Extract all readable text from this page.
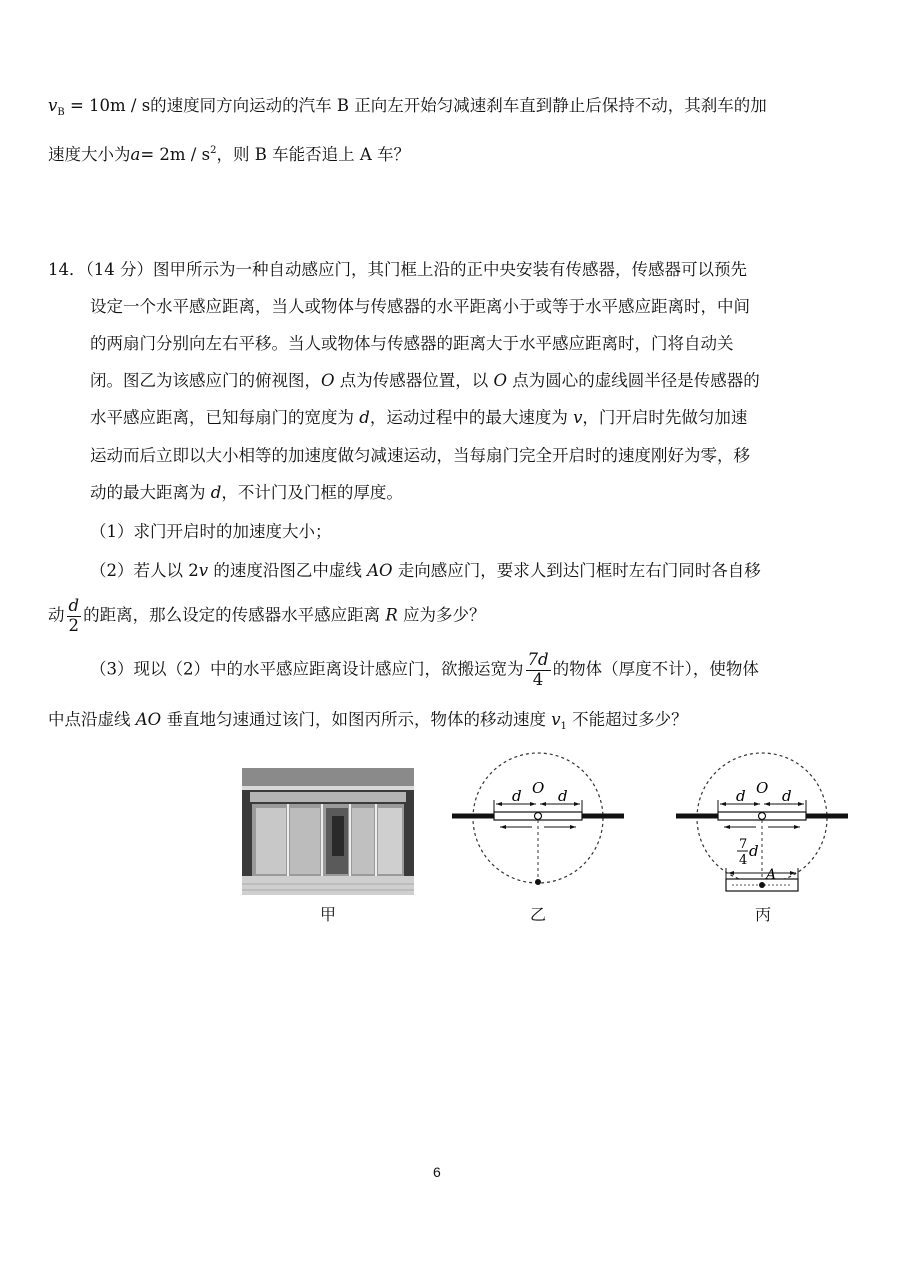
$v_B = 10m / s$的速度同方向运动的汽车 B 正向左开始匀减速刹车直到静止后保持不动，其刹车的加
速度大小为$a= 2m / s^2$，则 B 车能否追上 A 车？
14．（14 分）图甲所示为一种自动感应门，其门框上沿的正中央安装有传感器，传感器可以预先
设定一个水平感应距离，当人或物体与传感器的水平距离小于或等于水平感应距离时，中间
的两扇门分别向左右平移。当人或物体与传感器的距离大于水平感应距离时，门将自动关
闭。图乙为该感应门的俯视图，O 点为传感器位置，以 O 点为圆心的虚线圆半径是传感器的
水平感应距离，已知每扇门的宽度为 d，运动过程中的最大速度为 v，门开启时先做匀加速
运动而后立即以大小相等的加速度做匀减速运动，当每扇门完全开启时的速度刚好为零，移
动的最大距离为 d，不计门及门框的厚度。
（1）求门开启时的加速度大小；
（2）若人以 2v 的速度沿图乙中虚线 AO 走向感应门，要求人到达门框时左右门同时各自移
动 $\frac{d}{2}$ 的距离，那么设定的传感器水平感应距离 R 应为多少？
（3）现以（2）中的水平感应距离设计感应门，欲搬运宽为 $\frac{7d}{4}$ 的物体（厚度不计），使物体
中点沿虚线 AO 垂直地匀速通过该门，如图丙所示，物体的移动速度 $v_1$ 不能超过多少？
甲
O
d d
乙
O
d d
7
4
d
A
丙
6
